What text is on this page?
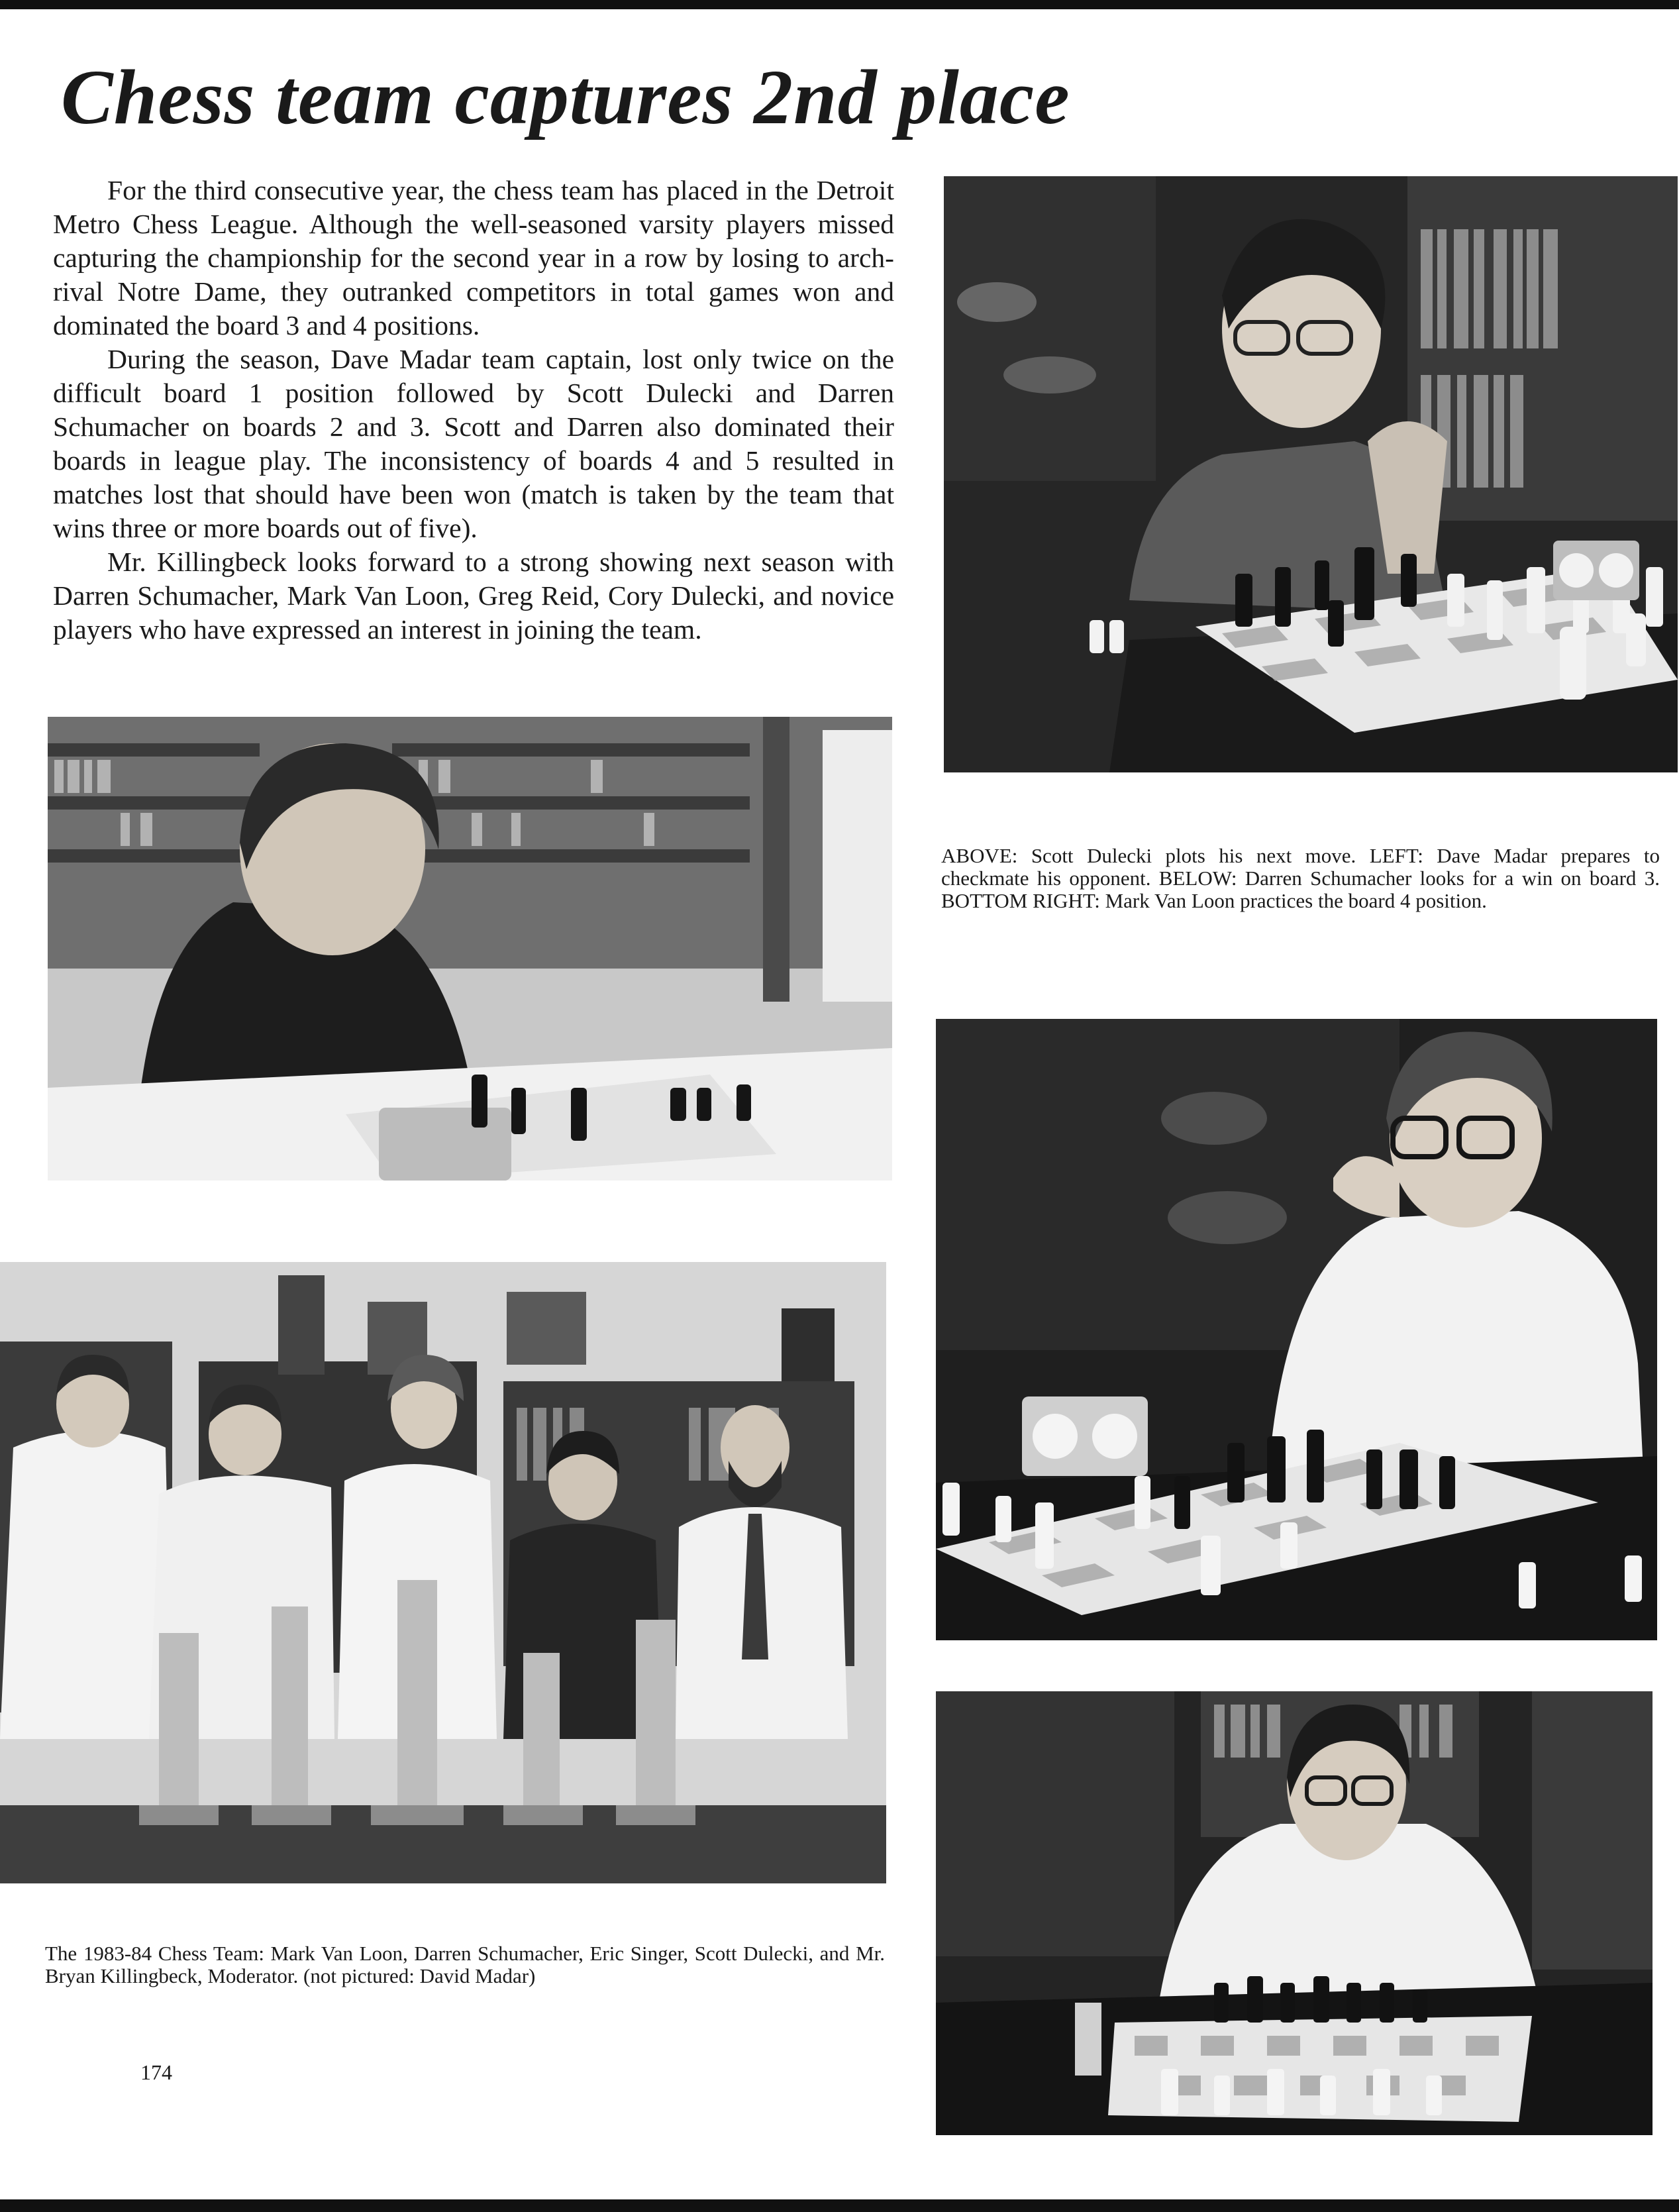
Chess team captures 2nd place

For the third consecutive year, the chess team has placed in the Detroit Metro Chess League. Although the well-seasoned varsity players missed capturing the championship for the second year in a row by losing to arch-rival Notre Dame, they outranked competitors in total games won and dominated the board 3 and 4 positions.

During the season, Dave Madar team captain, lost only twice on the difficult board 1 position followed by Scott Dulecki and Darren Schumacher on boards 2 and 3. Scott and Darren also dominated their boards in league play. The inconsistency of boards 4 and 5 resulted in matches lost that should have been won (match is taken by the team that wins three or more boards out of five).

Mr. Killingbeck looks forward to a strong showing next season with Darren Schumacher, Mark Van Loon, Greg Reid, Cory Dulecki, and novice players who have expressed an interest in joining the team.

ABOVE: Scott Dulecki plots his next move. LEFT: Dave Madar prepares to checkmate his opponent. BELOW: Darren Schumacher looks for a win on board 3. BOTTOM RIGHT: Mark Van Loon practices the board 4 position.
The 1983-84 Chess Team: Mark Van Loon, Darren Schumacher, Eric Singer, Scott Dulecki, and Mr. Bryan Killingbeck, Moderator. (not pictured: David Madar)
174
